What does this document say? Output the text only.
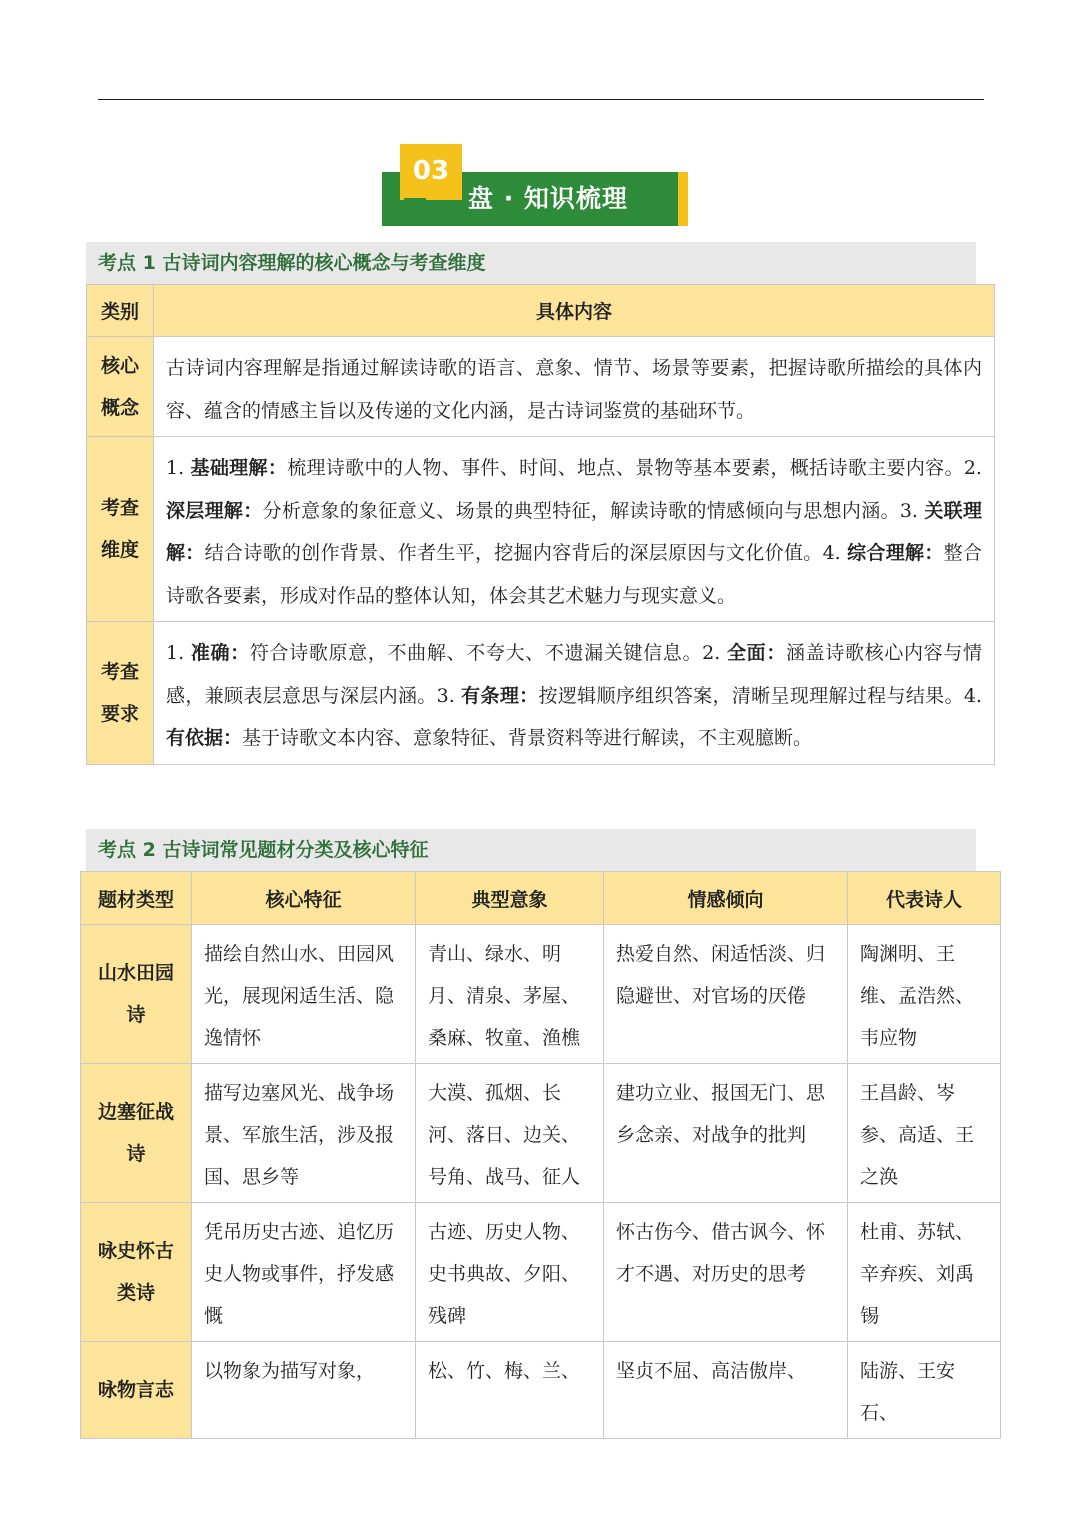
03
盘 · 知识梳理
考点 1 古诗词内容理解的核心概念与考查维度
类别	具体内容
核心概念	古诗词内容理解是指通过解读诗歌的语言、意象、情节、场景等要素，把握诗歌所描绘的具体内容、蕴含的情感主旨以及传递的文化内涵，是古诗词鉴赏的基础环节。
考查维度	1. 基础理解：梳理诗歌中的人物、事件、时间、地点、景物等基本要素，概括诗歌主要内容。2. 深层理解：分析意象的象征意义、场景的典型特征，解读诗歌的情感倾向与思想内涵。3. 关联理解：结合诗歌的创作背景、作者生平，挖掘内容背后的深层原因与文化价值。4. 综合理解：整合诗歌各要素，形成对作品的整体认知，体会其艺术魅力与现实意义。
考查要求	1. 准确：符合诗歌原意，不曲解、不夸大、不遗漏关键信息。2. 全面：涵盖诗歌核心内容与情感，兼顾表层意思与深层内涵。3. 有条理：按逻辑顺序组织答案，清晰呈现理解过程与结果。4. 有依据：基于诗歌文本内容、意象特征、背景资料等进行解读，不主观臆断。
考点 2 古诗词常见题材分类及核心特征
题材类型	核心特征	典型意象	情感倾向	代表诗人
山水田园诗	描绘自然山水、田园风光，展现闲适生活、隐逸情怀	青山、绿水、明月、清泉、茅屋、桑麻、牧童、渔樵	热爱自然、闲适恬淡、归隐避世、对官场的厌倦	陶渊明、王维、孟浩然、韦应物
边塞征战诗	描写边塞风光、战争场景、军旅生活，涉及报国、思乡等	大漠、孤烟、长河、落日、边关、号角、战马、征人	建功立业、报国无门、思乡念亲、对战争的批判	王昌龄、岑参、高适、王之涣
咏史怀古类诗	凭吊历史古迹、追忆历史人物或事件，抒发感慨	古迹、历史人物、史书典故、夕阳、残碑	怀古伤今、借古讽今、怀才不遇、对历史的思考	杜甫、苏轼、辛弃疾、刘禹锡
咏物言志	以物象为描写对象，	松、竹、梅、兰、	坚贞不屈、高洁傲岸、	陆游、王安石、
